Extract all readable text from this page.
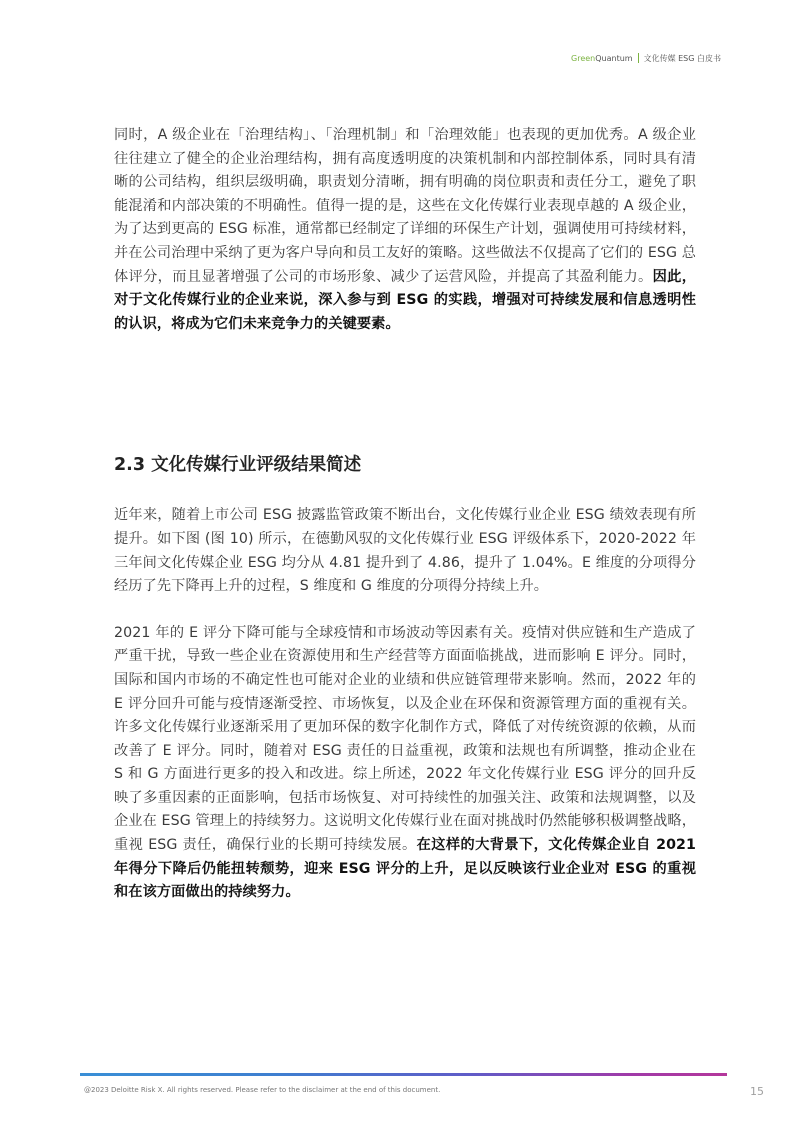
Green Quantum 文化传媒 ESG 白皮书

同时，A 级企业在「治理结构」、「治理机制」和「治理效能」也表现的更加优秀。A 级企业往往建立了健全的企业治理结构，拥有高度透明度的决策机制和内部控制体系，同时具有清晰的公司结构，组织层级明确，职责划分清晰，拥有明确的岗位职责和责任分工，避免了职能混淆和内部决策的不明确性。值得一提的是，这些在文化传媒行业表现卓越的 A 级企业，为了达到更高的 ESG 标准，通常都已经制定了详细的环保生产计划，强调使用可持续材料，并在公司治理中采纳了更为客户导向和员工友好的策略。这些做法不仅提高了它们的 ESG 总体评分，而且显著增强了公司的市场形象、减少了运营风险，并提高了其盈利能力。因此，对于文化传媒行业的企业来说，深入参与到 ESG 的实践，增强对可持续发展和信息透明性的认识，将成为它们未来竞争力的关键要素。

2.3 文化传媒行业评级结果简述

近年来，随着上市公司 ESG 披露监管政策不断出台，文化传媒行业企业 ESG 绩效表现有所提升。如下图 (图 10) 所示，在德勤风驭的文化传媒行业 ESG 评级体系下，2020-2022 年三年间文化传媒企业 ESG 均分从 4.81 提升到了 4.86，提升了 1.04%。E 维度的分项得分经历了先下降再上升的过程，S 维度和 G 维度的分项得分持续上升。

2021 年的 E 评分下降可能与全球疫情和市场波动等因素有关。疫情对供应链和生产造成了严重干扰，导致一些企业在资源使用和生产经营等方面面临挑战，进而影响 E 评分。同时，国际和国内市场的不确定性也可能对企业的业绩和供应链管理带来影响。然而，2022 年的 E 评分回升可能与疫情逐渐受控、市场恢复，以及企业在环保和资源管理方面的重视有关。许多文化传媒行业逐渐采用了更加环保的数字化制作方式，降低了对传统资源的依赖，从而改善了 E 评分。同时，随着对 ESG 责任的日益重视，政策和法规也有所调整，推动企业在 S 和 G 方面进行更多的投入和改进。综上所述，2022 年文化传媒行业 ESG 评分的回升反映了多重因素的正面影响，包括市场恢复、对可持续性的加强关注、政策和法规调整，以及企业在 ESG 管理上的持续努力。这说明文化传媒行业在面对挑战时仍然能够积极调整战略，重视 ESG 责任，确保行业的长期可持续发展。在这样的大背景下，文化传媒企业自 2021 年得分下降后仍能扭转颓势，迎来 ESG 评分的上升，足以反映该行业企业对 ESG 的重视和在该方面做出的持续努力。

@2023 Deloitte Risk X. All rights reserved. Please refer to the disclaimer at the end of this document.	15
